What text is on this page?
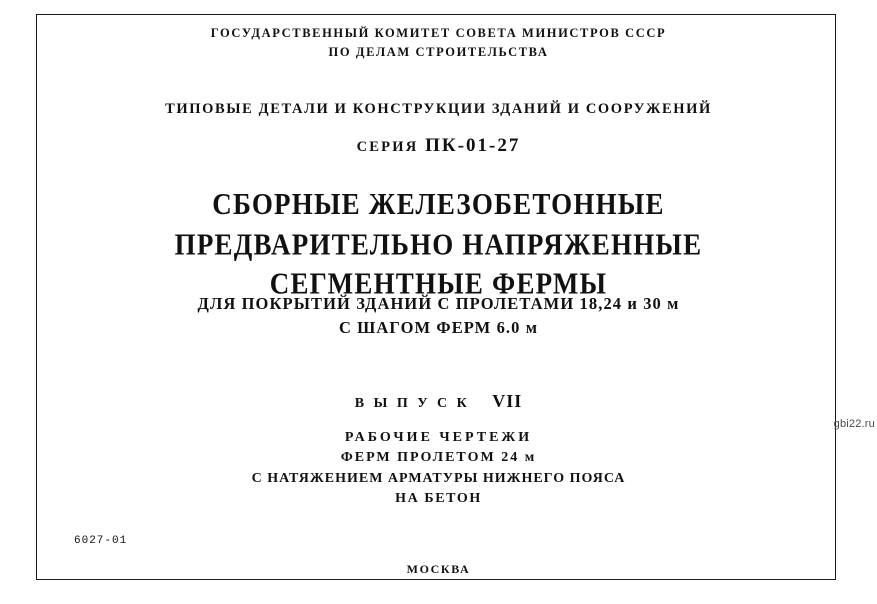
ГОСУДАРСТВЕННЫЙ КОМИТЕТ СОВЕТА МИНИСТРОВ СССР
ПО ДЕЛАМ СТРОИТЕЛЬСТВА
ТИПОВЫЕ ДЕТАЛИ И КОНСТРУКЦИИ ЗДАНИЙ И СООРУЖЕНИЙ
СЕРИЯ ПК-01-27
СБОРНЫЕ ЖЕЛЕЗОБЕТОННЫЕ
ПРЕДВАРИТЕЛЬНО НАПРЯЖЕННЫЕ
СЕГМЕНТНЫЕ ФЕРМЫ
ДЛЯ ПОКРЫТИЙ ЗДАНИЙ С ПРОЛЕТАМИ 18,24 и 30 м
С ШАГОМ ФЕРМ 6.0 м
В Ы П У С К VII
РАБОЧИЕ ЧЕРТЕЖИ
ФЕРМ ПРОЛЕТОМ 24 м
С НАТЯЖЕНИЕМ АРМАТУРЫ НИЖНЕГО ПОЯСА
НА БЕТОН
6027-01
МОСКВА
gbi22.ru
